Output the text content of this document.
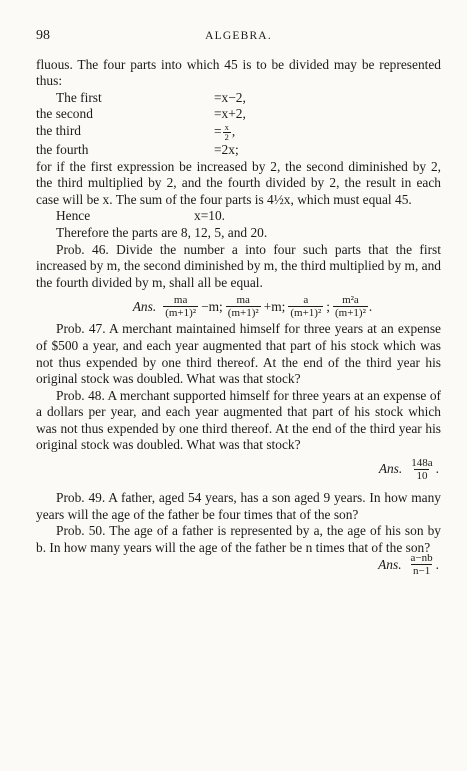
98	ALGEBRA.

fluous. The four parts into which 45 is to be divided may be represented thus:

The first	=x−2,
the second	=x+2,
the third	= $\frac{x}{2}$ ,
the fourth	=2x;

for if the first expression be increased by 2, the second diminished by 2, the third multiplied by 2, and the fourth divided by 2, the result in each case will be x. The sum of the four parts is 4½x, which must equal 45.

Hence	x=10.

Therefore the parts are 8, 12, 5, and 20.

Prob. 46. Divide the number a into four such parts that the first increased by m, the second diminished by m, the third multiplied by m, and the fourth divided by m, shall all be equal.

Ans. $\frac{ma}{\text{(m+1)²}} -m$; $\frac{ma}{\text{(m+1)²}} +m$; $\frac{a}{\text{(m+1)²}}$ ; $\frac{\text{m²a}}{\text{(m+1)²}}$ .

Prob. 47. A merchant maintained himself for three years at an expense of $500 a year, and each year augmented that part of his stock which was not thus expended by one third thereof. At the end of the third year his original stock was doubled. What was that stock?

Prob. 48. A merchant supported himself for three years at an expense of a dollars per year, and each year augmented that part of his stock which was not thus expended by one third thereof. At the end of the third year his original stock was doubled. What was that stock?

Ans. $\frac{148a}{10}$ .

Prob. 49. A father, aged 54 years, has a son aged 9 years. In how many years will the age of the father be four times that of the son?

Prob. 50. The age of a father is represented by a, the age of his son by b. In how many years will the age of the father be n times that of the son?

Ans. $\frac{a-nb}{n-1}$ .
